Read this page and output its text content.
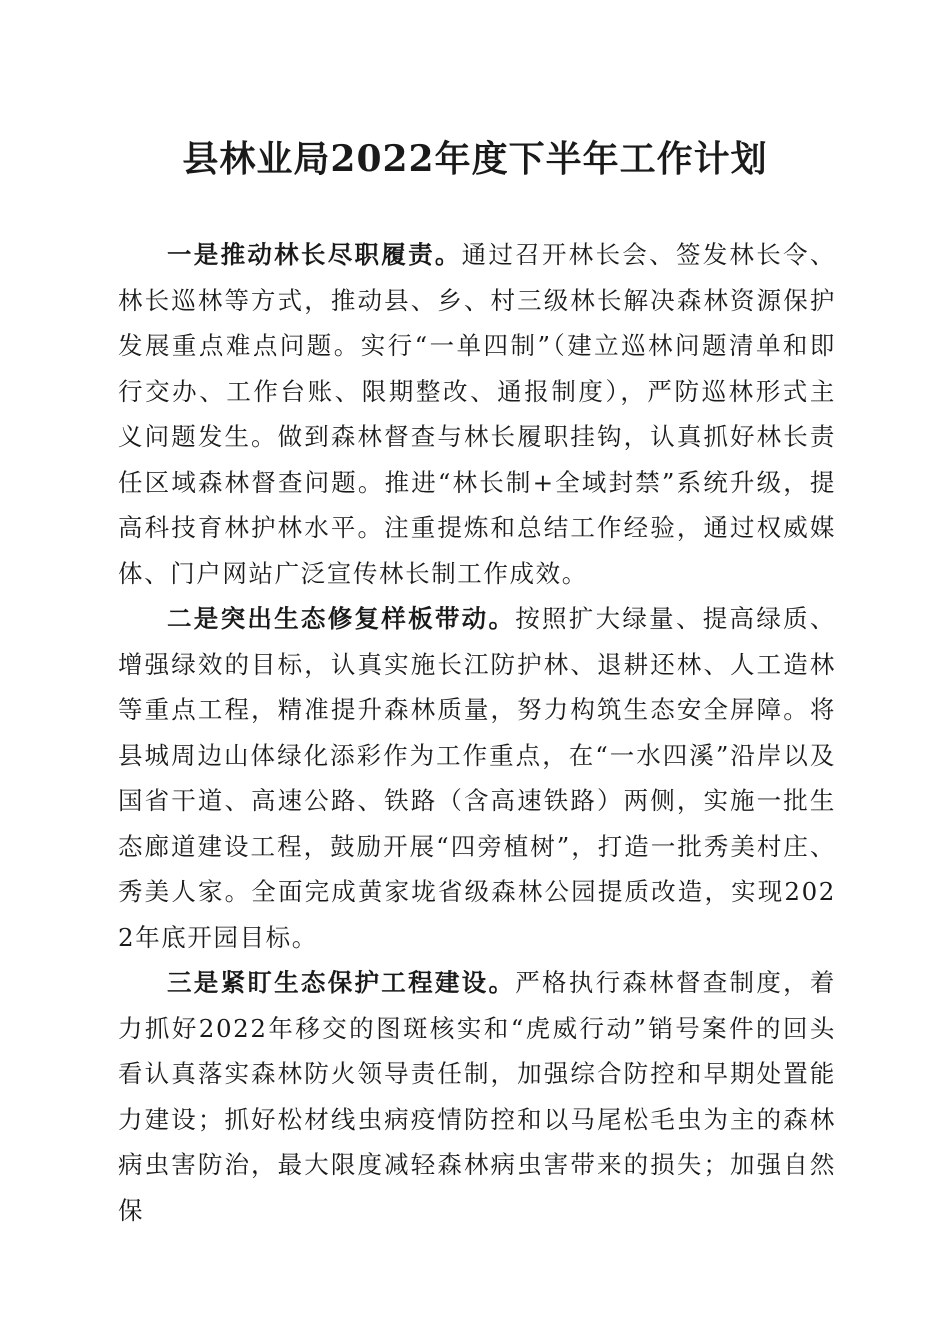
县林业局2022年度下半年工作计划

一是推动林长尽职履责。通过召开林长会、签发林长令、林长巡林等方式，推动县、乡、村三级林长解决森林资源保护发展重点难点问题。实行“一单四制”（建立巡林问题清单和即行交办、工作台账、限期整改、通报制度），严防巡林形式主义问题发生。做到森林督查与林长履职挂钩，认真抓好林长责任区域森林督查问题。推进“林长制+全域封禁”系统升级，提高科技育林护林水平。注重提炼和总结工作经验，通过权威媒体、门户网站广泛宣传林长制工作成效。

二是突出生态修复样板带动。按照扩大绿量、提高绿质、增强绿效的目标，认真实施长江防护林、退耕还林、人工造林等重点工程，精准提升森林质量，努力构筑生态安全屏障。将县城周边山体绿化添彩作为工作重点，在“一水四溪”沿岸以及国省干道、高速公路、铁路（含高速铁路）两侧，实施一批生态廊道建设工程，鼓励开展“四旁植树”，打造一批秀美村庄、秀美人家。全面完成黄家垅省级森林公园提质改造，实现2022年底开园目标。

三是紧盯生态保护工程建设。严格执行森林督查制度，着力抓好2022年移交的图斑核实和“虎威行动”销号案件的回头看认真落实森林防火领导责任制，加强综合防控和早期处置能力建设；抓好松材线虫病疫情防控和以马尾松毛虫为主的森林病虫害防治，最大限度减轻森林病虫害带来的损失；加强自然保
